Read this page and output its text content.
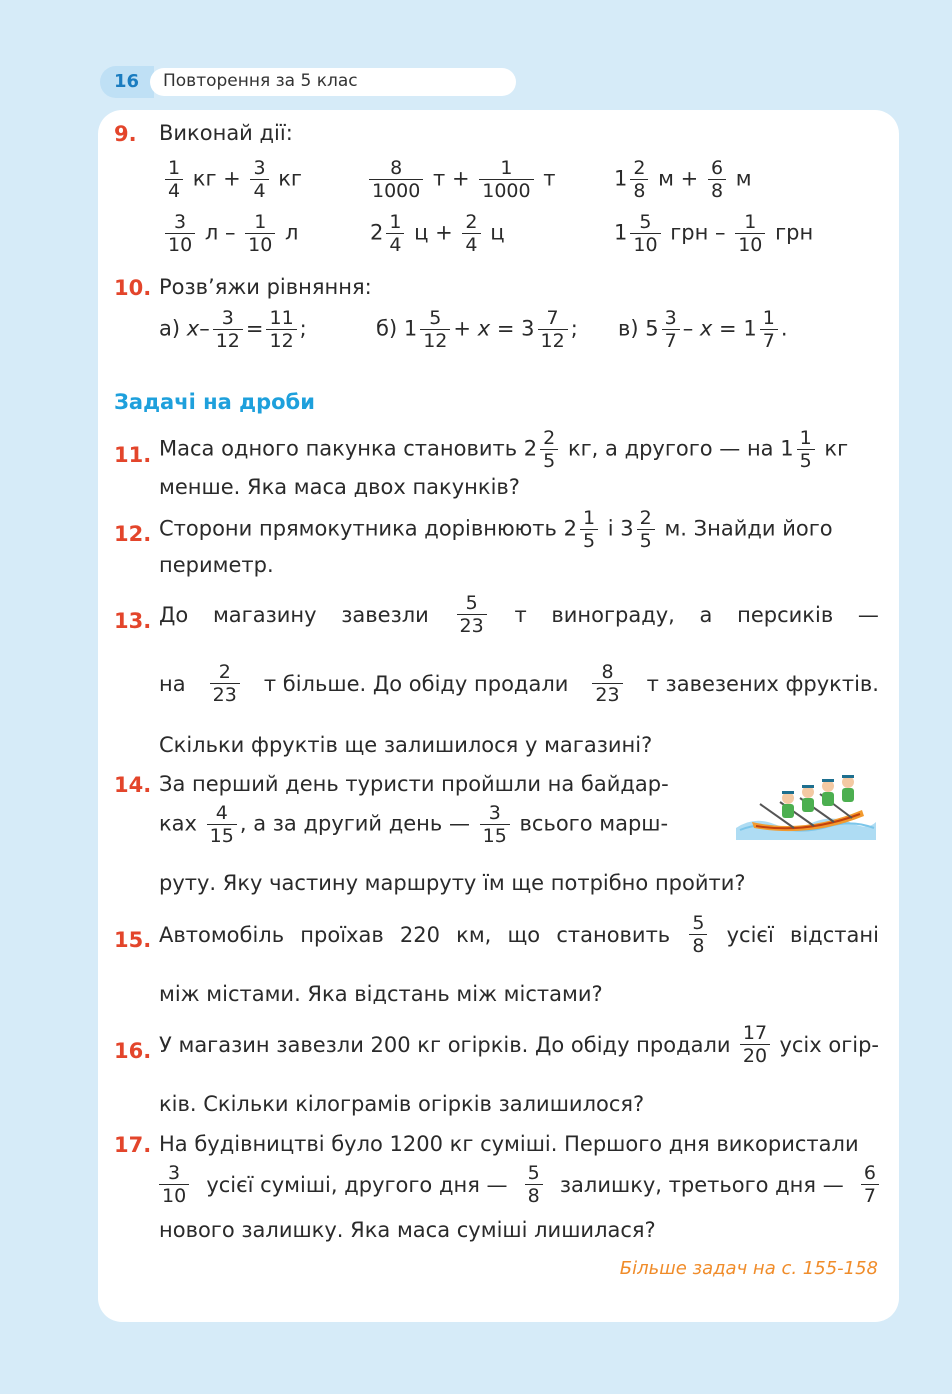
16 Повторення за 5 клас
9. Виконай дії:
$\frac{1}{4}$ кг + $\frac{3}{4}$ кг	$\frac{8}{1000}$ $т + \frac{1}{1000}$ т	$1 \frac{2}{8}$ $м + \frac{6}{8}$ м
$\frac{3}{10}$ л – $\frac{1}{10}$ л	$2 \frac{1}{4}$ $ц + \frac{2}{4}$ ц	$1 \frac{5}{10}$ грн – $\frac{1}{10}$ грн
10. Розв’яжи рівняння:
а) $x- \frac{3}{12} = \frac{11}{12}$ ;	б) $1 \frac{5}{12} + x = 3 \frac{7}{12}$ ; в) $5 \frac{3}{7} - x = 1 \frac{1}{7}$ .
Задачі на дроби
11. Маса одного пакунка становить $2 \frac{2}{5}$ кг, а другого — на $1 \frac{1}{5}$ кг
менше. Яка маса двох пакунків?
12. Сторони прямокутника дорівнюють $2 \frac{1}{5}$ і $3 \frac{2}{5} м$. Знайди його
периметр.
13. До магазину завезли $\frac{5}{23}$ т винограду, а персиків —
на $\frac{2}{23}$ т більше. До обіду продали $\frac{8}{23}$ т завезених фруктів.
Скільки фруктів ще залишилося у магазині?
14. За перший день туристи пройшли на байдар-
ках $\frac{4}{15}$ , а за другий день — $\frac{3}{15}$ всього марш-
руту. Яку частину маршруту їм ще потрібно пройти?
15. Автомобіль проїхав 220 км, що становить $\frac{5}{8}$ усієї відстані
між містами. Яка відстань між містами?
16. У магазин завезли 200 кг огірків. До обіду продали $\frac{17}{20}$ усіх огір-
ків. Скільки кілограмів огірків залишилося?
17. На будівництві було 1200 кг суміші. Першого дня використали
$\frac{3}{10}$ усієї суміші, другого дня — $\frac{5}{8}$ залишку, третього дня — $\frac{6}{7}$
нового залишку. Яка маса суміші лишилася?
Більше задач на с. 155-158
